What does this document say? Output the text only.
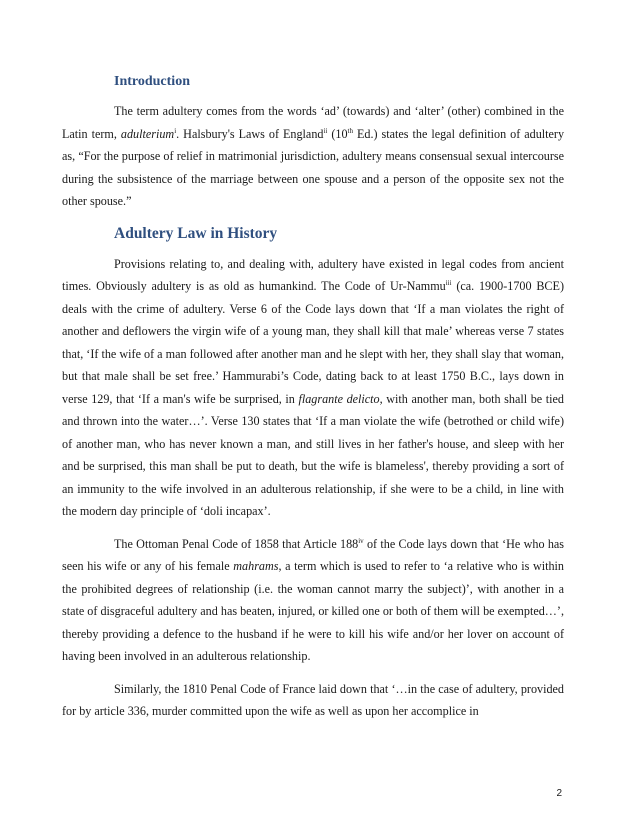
Introduction

The term adultery comes from the words ‘ad’ (towards) and ‘alter’ (other) combined in the Latin term, adulterium$^i$. Halsbury's Laws of England$^{ii}$ (10th Ed.) states the legal definition of adultery as, “For the purpose of relief in matrimonial jurisdiction, adultery means consensual sexual intercourse during the subsistence of the marriage between one spouse and a person of the opposite sex not the other spouse.”

Adultery Law in History

Provisions relating to, and dealing with, adultery have existed in legal codes from ancient times. Obviously adultery is as old as humankind. The Code of Ur-Nammu$^{iii}$ (ca. 1900-1700 BCE) deals with the crime of adultery. Verse 6 of the Code lays down that ‘If a man violates the right of another and deflowers the virgin wife of a young man, they shall kill that male’ whereas verse 7 states that, ‘If the wife of a man followed after another man and he slept with her, they shall slay that woman, but that male shall be set free.’ Hammurabi’s Code, dating back to at least 1750 B.C., lays down in verse 129, that ‘If a man's wife be surprised, in flagrante delicto, with another man, both shall be tied and thrown into the water…’. Verse 130 states that ‘If a man violate the wife (betrothed or child wife) of another man, who has never known a man, and still lives in her father's house, and sleep with her and be surprised, this man shall be put to death, but the wife is blameless', thereby providing a sort of an immunity to the wife involved in an adulterous relationship, if she were to be a child, in line with the modern day principle of ‘doli incapax’.

The Ottoman Penal Code of 1858 that Article 188$^{iv}$ of the Code lays down that ‘He who has seen his wife or any of his female mahrams, a term which is used to refer to ‘a relative who is within the prohibited degrees of relationship (i.e. the woman cannot marry the subject)’, with another in a state of disgraceful adultery and has beaten, injured, or killed one or both of them will be exempted…’, thereby providing a defence to the husband if he were to kill his wife and/or her lover on account of having been involved in an adulterous relationship.

Similarly, the 1810 Penal Code of France laid down that ‘…in the case of adultery, provided for by article 336, murder committed upon the wife as well as upon her accomplice in

2
